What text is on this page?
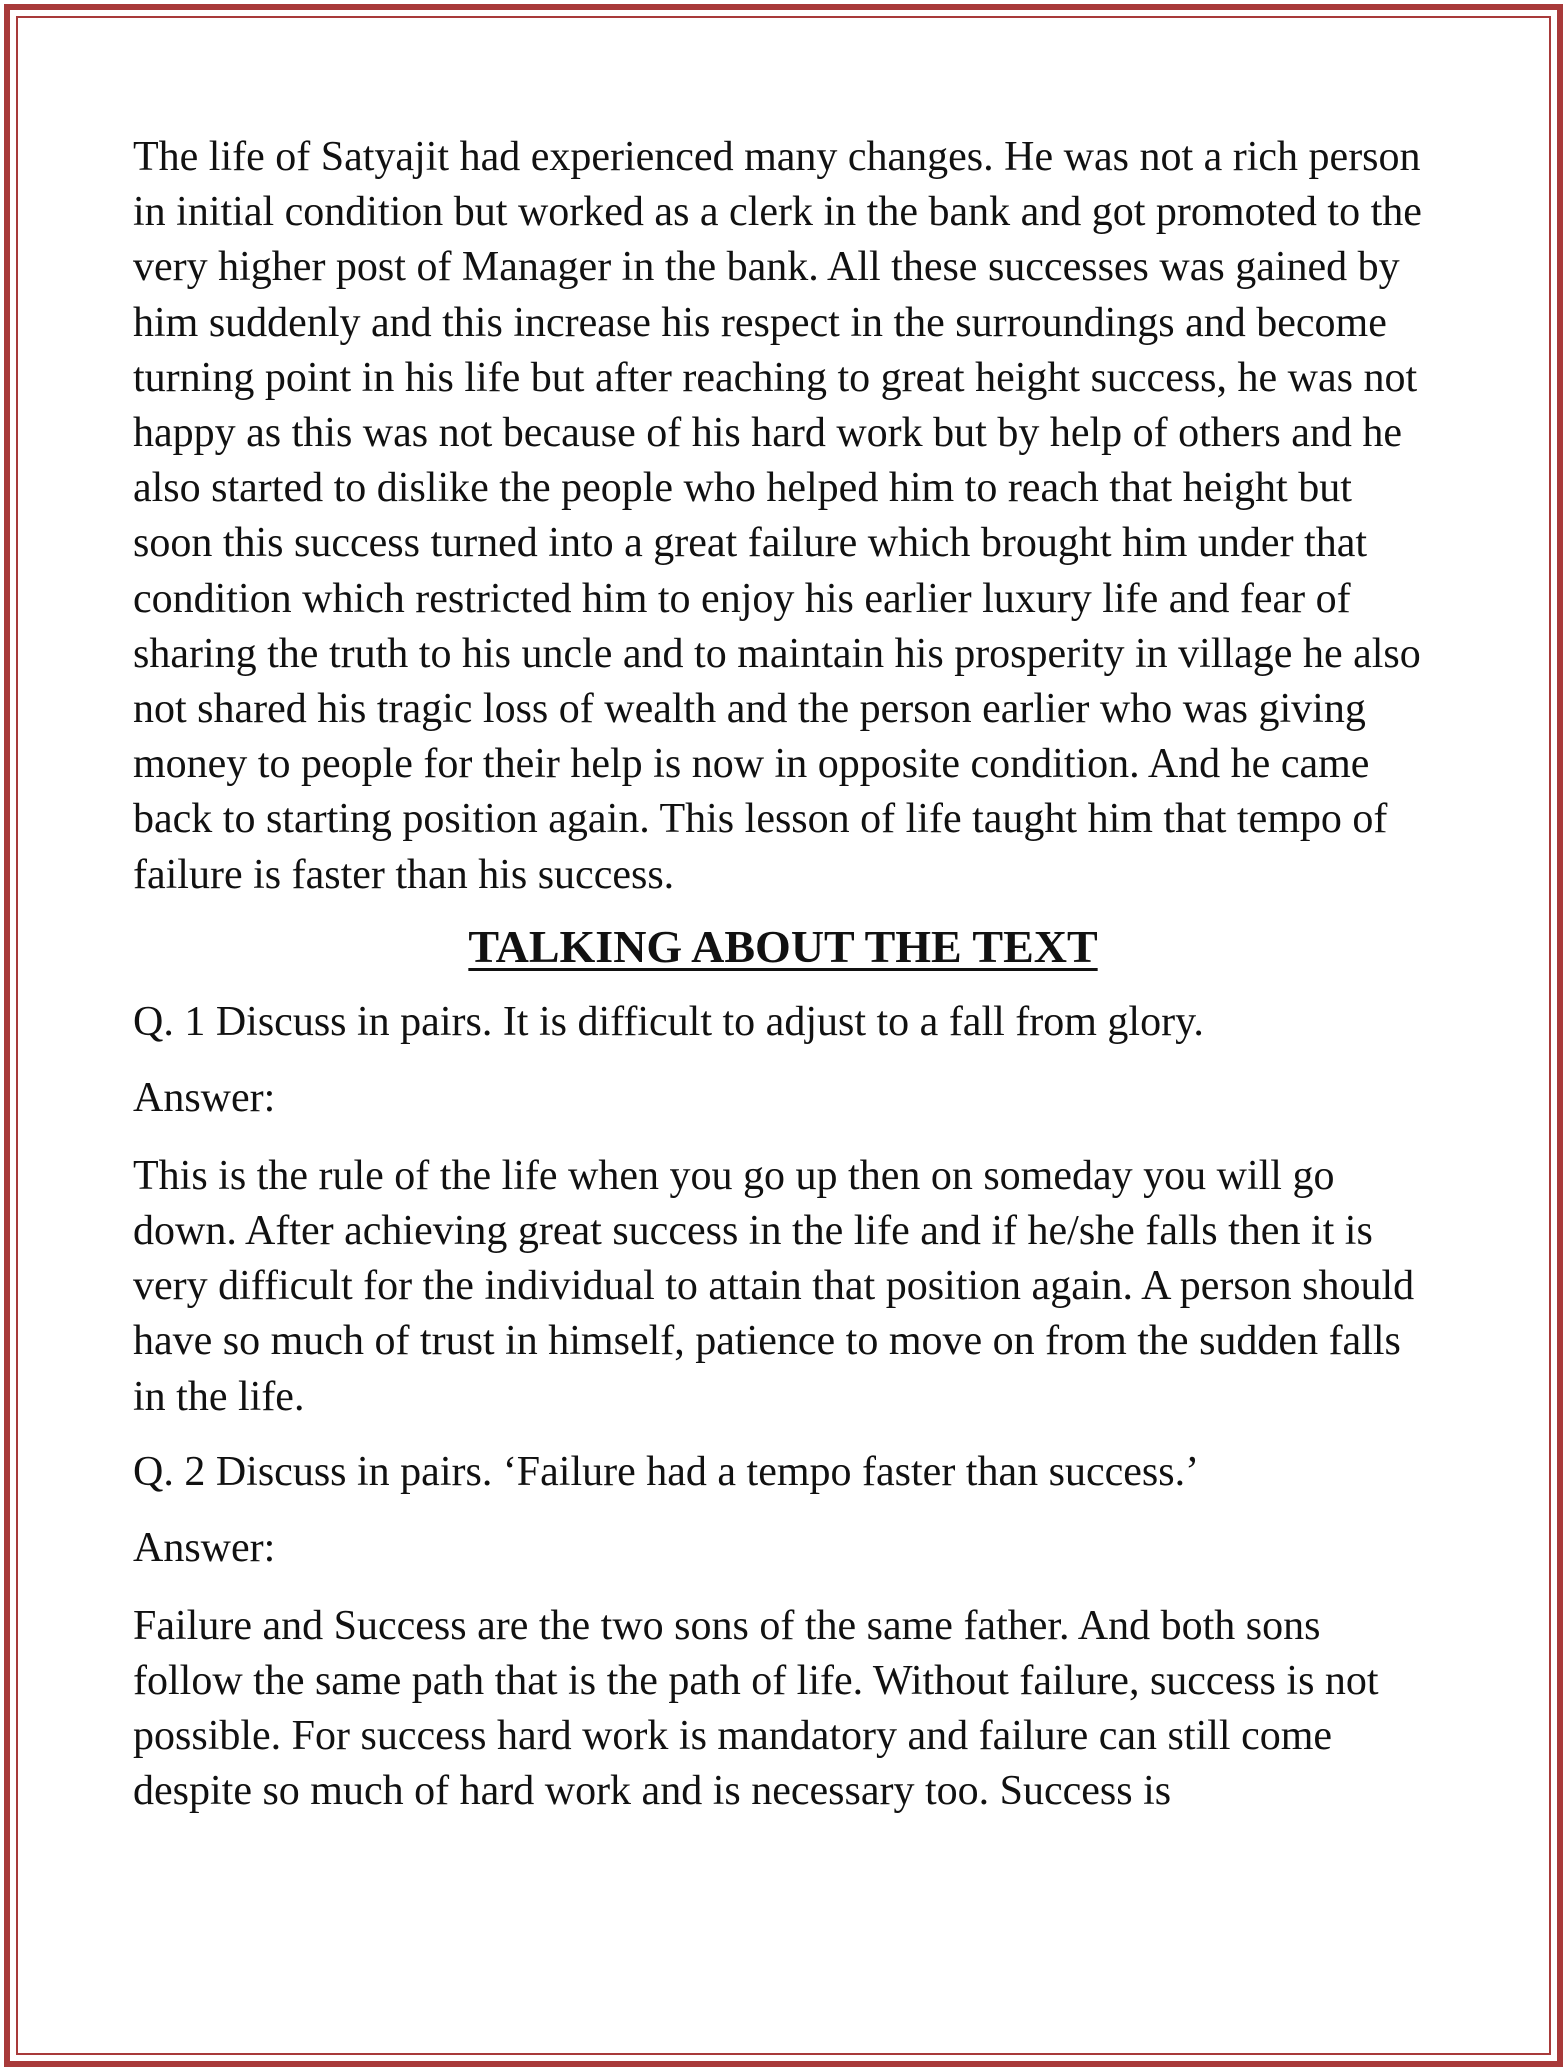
The life of Satyajit had experienced many changes. He was not a rich person in initial condition but worked as a clerk in the bank and got promoted to the very higher post of Manager in the bank. All these successes was gained by him suddenly and this increase his respect in the surroundings and become turning point in his life but after reaching to great height success, he was not happy as this was not because of his hard work but by help of others and he also started to dislike the people who helped him to reach that height but soon this success turned into a great failure which brought him under that condition which restricted him to enjoy his earlier luxury life and fear of sharing the truth to his uncle and to maintain his prosperity in village he also not shared his tragic loss of wealth and the person earlier who was giving money to people for their help is now in opposite condition. And he came back to starting position again. This lesson of life taught him that tempo of failure is faster than his success.

TALKING ABOUT THE TEXT

Q. 1 Discuss in pairs. It is difficult to adjust to a fall from glory.

Answer:

This is the rule of the life when you go up then on someday you will go down. After achieving great success in the life and if he/she falls then it is very difficult for the individual to attain that position again. A person should have so much of trust in himself, patience to move on from the sudden falls in the life.

Q. 2 Discuss in pairs. ‘Failure had a tempo faster than success.’

Answer:

Failure and Success are the two sons of the same father. And both sons follow the same path that is the path of life. Without failure, success is not possible. For success hard work is mandatory and failure can still come despite so much of hard work and is necessary too. Success is
